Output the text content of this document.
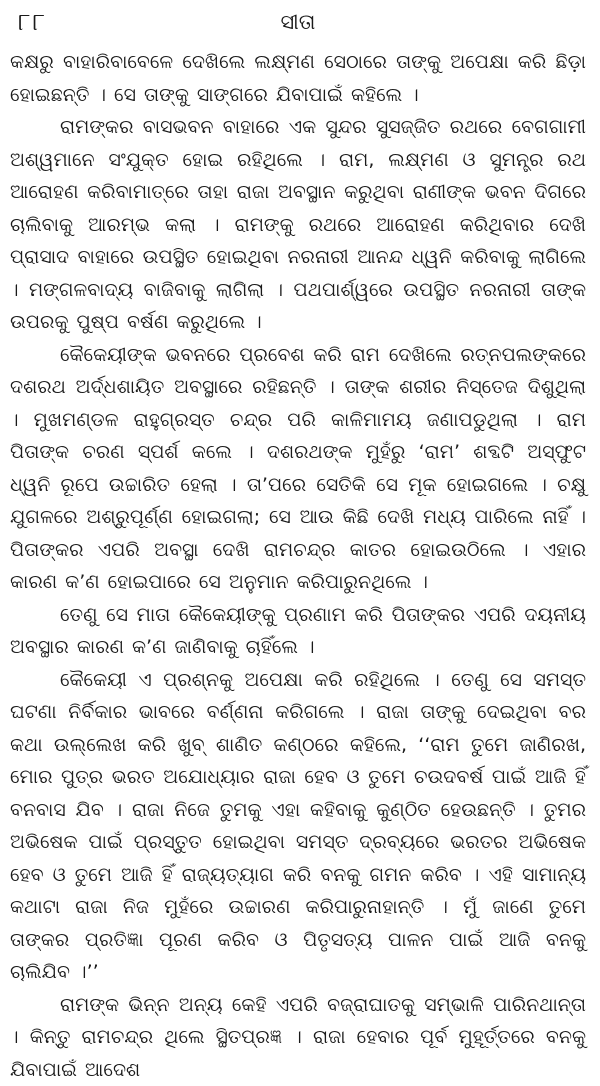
୮୮	ସୀତା

କକ୍ଷରୁ ବାହାରିବାବେଳେ ଦେଖିଲେ ଲକ୍ଷ୍ମଣ ସେଠାରେ ତାଙ୍କୁ ଅପେକ୍ଷା କରି ଛିଡ଼ା ହୋଇଛନ୍ତି । ସେ ତାଙ୍କୁ ସାଙ୍ଗରେ ଯିବାପାଇଁ କହିଲେ ।

ରାମଙ୍କର ବାସଭବନ ବାହାରେ ଏକ ସୁନ୍ଦର ସୁସଜ୍ଜିତ ରଥରେ ବେଗଗାମୀ ଅଶ୍ୱମାନେ ସଂଯୁକ୍ତ ହୋଇ ରହିଥିଲେ । ରାମ, ଲକ୍ଷ୍ମଣ ଓ ସୁମନ୍ତ୍ର ରଥ ଆରୋହଣ କରିବାମାତ୍ରେ ତାହା ରାଜା ଅବସ୍ଥାନ କରୁଥିବା ରାଣୀଙ୍କ ଭବନ ଦିଗରେ ଚାଲିବାକୁ ଆରମ୍ଭ କଲା । ରାମଙ୍କୁ ରଥରେ ଆରୋହଣ କରିଥିବାର ଦେଖି ପ୍ରାସାଦ ବାହାରେ ଉପସ୍ଥିତ ହୋଇଥିବା ନରନାରୀ ଆନନ୍ଦ ଧ୍ୱନି କରିବାକୁ ଲାଗିଲେ । ମଙ୍ଗଳବାଦ୍ୟ ବାଜିବାକୁ ଲାଗିଲା । ପଥପାର୍ଶ୍ୱରେ ଉପସ୍ଥିତ ନରନାରୀ ତାଙ୍କ ଉପରକୁ ପୁଷ୍ପ ବର୍ଷଣ କରୁଥିଲେ ।

କୈକେୟୀଙ୍କ ଭବନରେ ପ୍ରବେଶ କରି ରାମ ଦେଖିଲେ ରତ୍ନପଲଙ୍କରେ ଦଶରଥ ଅର୍ଦ୍ଧଶାୟିତ ଅବସ୍ଥାରେ ରହିଛନ୍ତି । ତାଙ୍କ ଶରୀର ନିସ୍ତେଜ ଦିଶୁଥିଲା । ମୁଖମଣ୍ଡଳ ରାହୁଗ୍ରସ୍ତ ଚନ୍ଦ୍ର ପରି କାଳିମାମୟ ଜଣାପଡୁଥିଲା । ରାମ ପିତାଙ୍କ ଚରଣ ସ୍ପର୍ଶ କଲେ । ଦଶରଥଙ୍କ ମୁହଁରୁ ‘ରାମ’ ଶବ୍ଦଟି ଅସ୍ଫୁଟ ଧ୍ୱନି ରୂପେ ଉଚ୍ଚାରିତ ହେଲା । ତା’ପରେ ସେତିକି ସେ ମୂକ ହୋଇଗଲେ । ଚକ୍ଷୁ ଯୁଗଳରେ ଅଶ୍ରୁପୂର୍ଣ୍ଣ ହୋଇଗଲା; ସେ ଆଉ କିଛି ଦେଖି ମଧ୍ୟ ପାରିଲେ ନାହିଁ । ପିତାଙ୍କର ଏପରି ଅବସ୍ଥା ଦେଖି ରାମଚନ୍ଦ୍ର କାତର ହୋଇଉଠିଲେ । ଏହାର କାରଣ କ’ଣ ହୋଇପାରେ ସେ ଅନୁମାନ କରିପାରୁନଥିଲେ ।

ତେଣୁ ସେ ମାତା କୈକେୟୀଙ୍କୁ ପ୍ରଣାମ କରି ପିତାଙ୍କର ଏପରି ଦୟନୀୟ ଅବସ୍ଥାର କାରଣ କ’ଣ ଜାଣିବାକୁ ଚାହିଁଲେ ।

କୈକେୟୀ ଏ ପ୍ରଶ୍ନକୁ ଅପେକ୍ଷା କରି ରହିଥିଲେ । ତେଣୁ ସେ ସମସ୍ତ ଘଟଣା ନିର୍ବିକାର ଭାବରେ ବର୍ଣ୍ଣନା କରିଗଲେ । ରାଜା ତାଙ୍କୁ ଦେଇଥିବା ବର କଥା ଉଲ୍ଲେଖ କରି ଖୁବ୍ ଶାଣିତ କଣ୍ଠରେ କହିଲେ, ‘‘ରାମ ତୁମେ ଜାଣିରଖ, ମୋର ପୁତ୍ର ଭରତ ଅଯୋଧ୍ୟାର ରାଜା ହେବ ଓ ତୁମେ ଚଉଦବର୍ଷ ପାଇଁ ଆଜି ହିଁ ବନବାସ ଯିବ । ରାଜା ନିଜେ ତୁମକୁ ଏହା କହିବାକୁ କୁଣ୍ଠିତ ହେଉଛନ୍ତି । ତୁମର ଅଭିଷେକ ପାଇଁ ପ୍ରସ୍ତୁତ ହୋଇଥିବା ସମସ୍ତ ଦ୍ରବ୍ୟରେ ଭରତର ଅଭିଷେକ ହେବ ଓ ତୁମେ ଆଜି ହିଁ ରାଜ୍ୟତ୍ୟାଗ କରି ବନକୁ ଗମନ କରିବ । ଏହି ସାମାନ୍ୟ କଥାଟା ରାଜା ନିଜ ମୁହଁରେ ଉଚ୍ଚାରଣ କରିପାରୁନାହାନ୍ତି । ମୁଁ ଜାଣେ ତୁମେ ତାଙ୍କର ପ୍ରତିଜ୍ଞା ପୂରଣ କରିବ ଓ ପିତୃସତ୍ୟ ପାଳନ ପାଇଁ ଆଜି ବନକୁ ଚାଲିଯିବ ।’’

ରାମଙ୍କ ଭିନ୍ନ ଅନ୍ୟ କେହି ଏପରି ବଜ୍ରାଘାତକୁ ସମ୍ଭାଳି ପାରିନଥାନ୍ତା । କିନ୍ତୁ ରାମଚନ୍ଦ୍ର ଥିଲେ ସ୍ଥିତପ୍ରଜ୍ଞ । ରାଜା ହେବାର ପୂର୍ବ ମୁହୂର୍ତ୍ତରେ ବନକୁ ଯିବାପାଇଁ ଆଦେଶ
